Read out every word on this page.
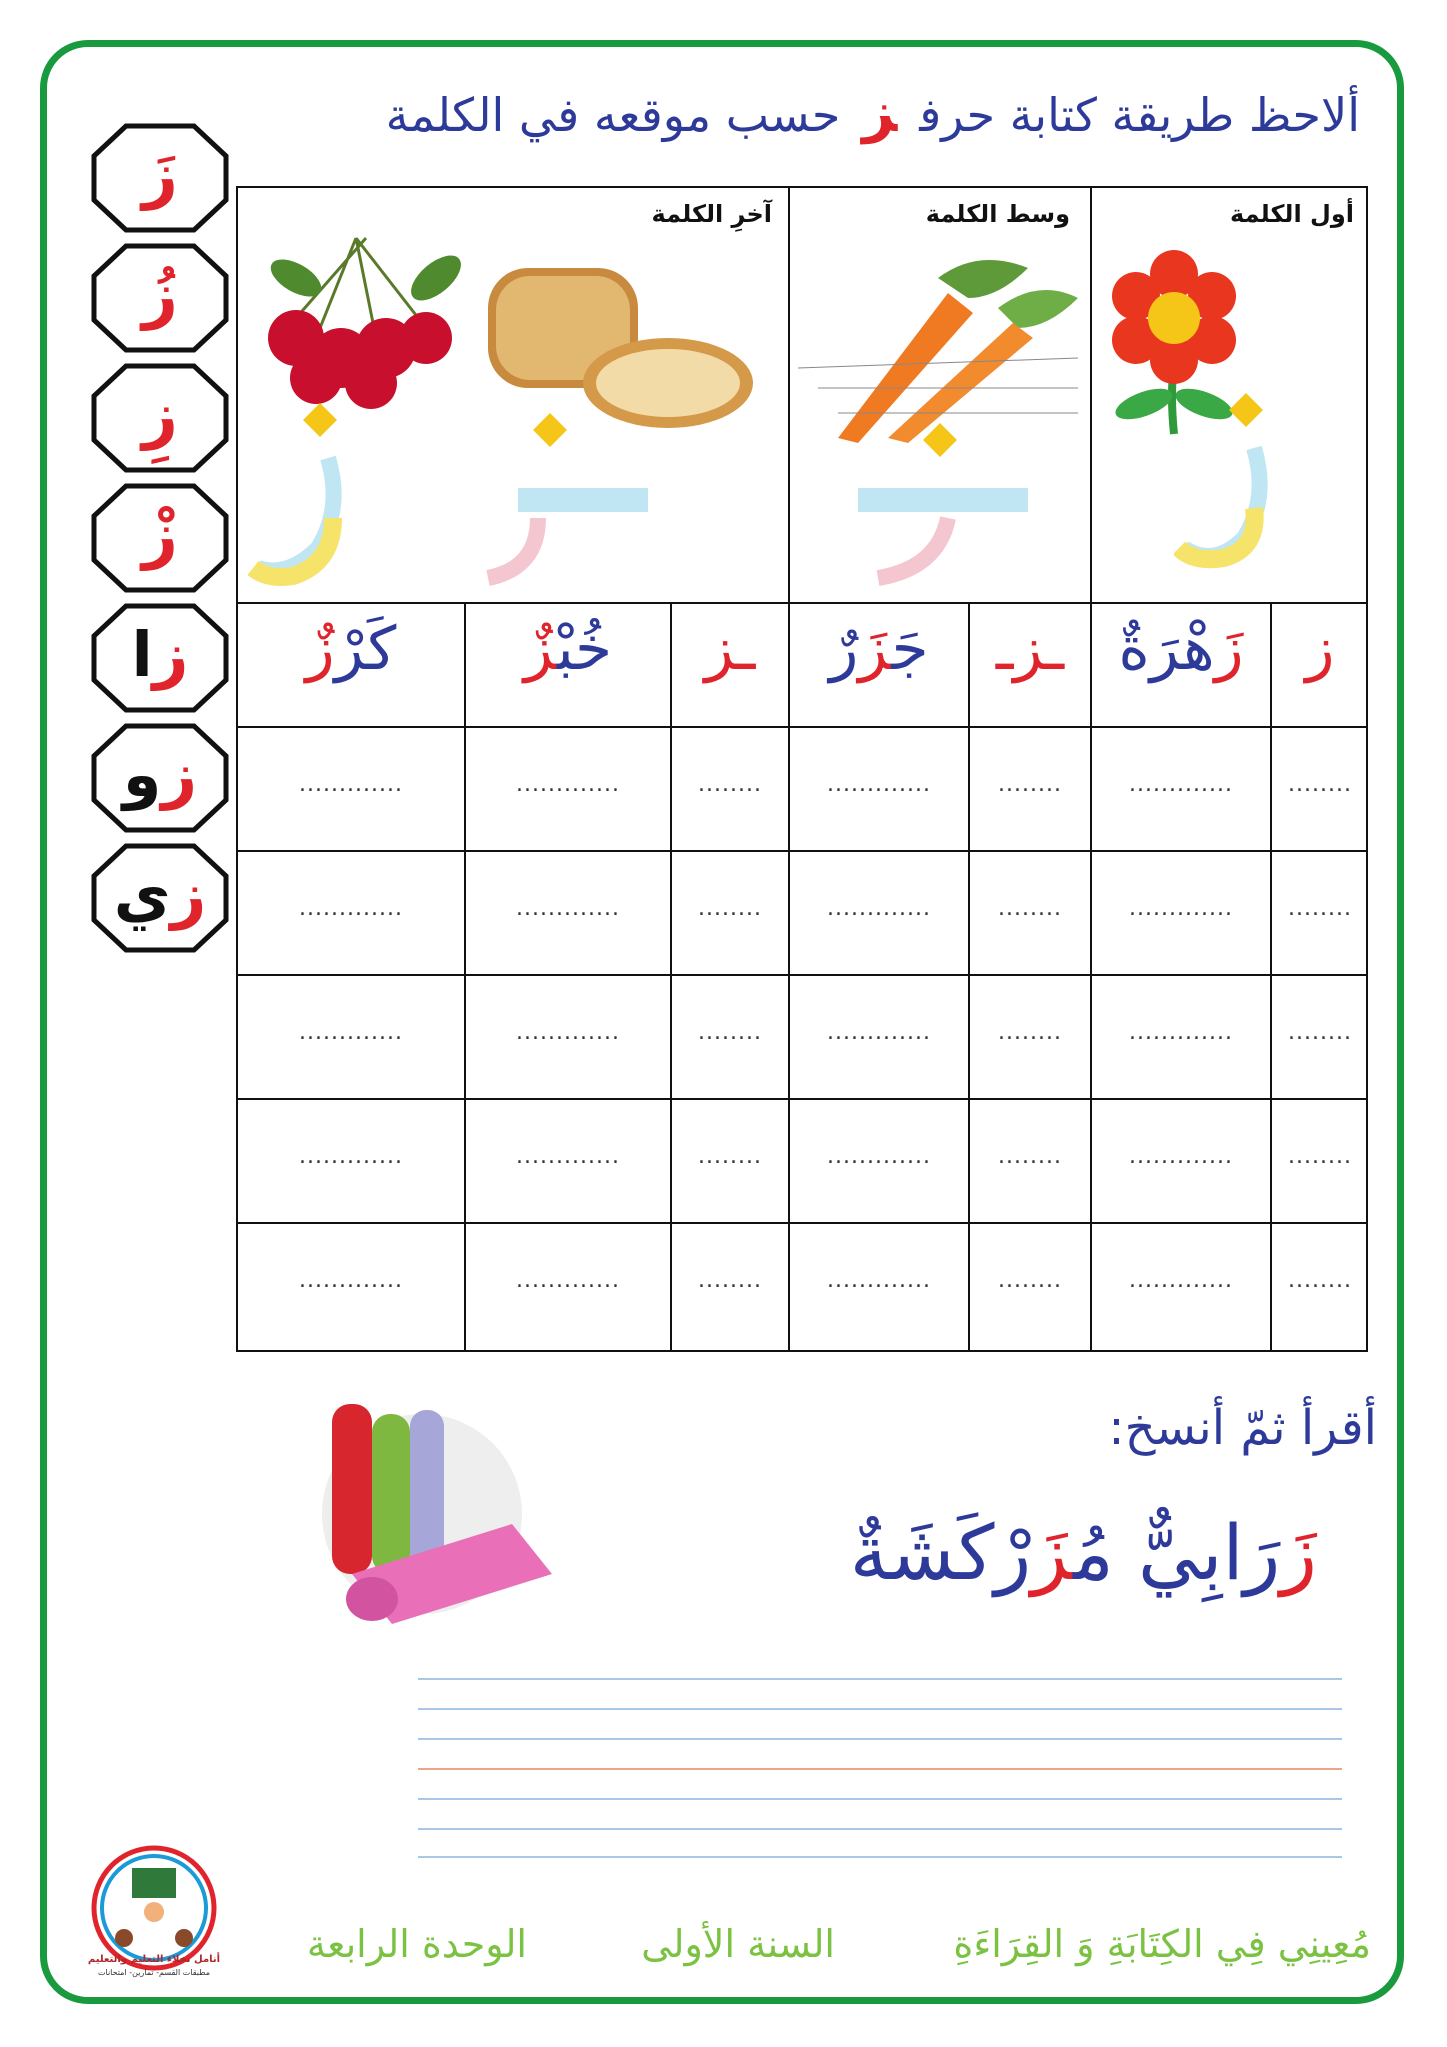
ألاحظ طريقة كتابة حرفزحسب موقعه في الكلمة
زَ
زُ
زِ
زْ
زا
زو
زي
أول الكلمة
وسط الكلمة
آخرِ الكلمة
ز
زَهْرَةٌ
ـزـ
جَزَرٌ
ـز
خُبْزٌ
كَرْزٌ
........
.............
........
.............
........
.............
.............
........
.............
........
.............
........
.............
.............
........
.............
........
.............
........
.............
.............
........
.............
........
.............
........
.............
.............
........
.............
........
.............
........
.............
.............
أقرأ ثمّ أنسخ:
زَرَابِيٌّ مُزَرْكَشَةٌ
أنامل نخلاء التعليم والتعليم
مطبقات القسم- تمارين- امتحانات
مُعِينِي فِي الكِتَابَةِ وَ القِرَاءَةِ
السنة الأولى
الوحدة الرابعة
